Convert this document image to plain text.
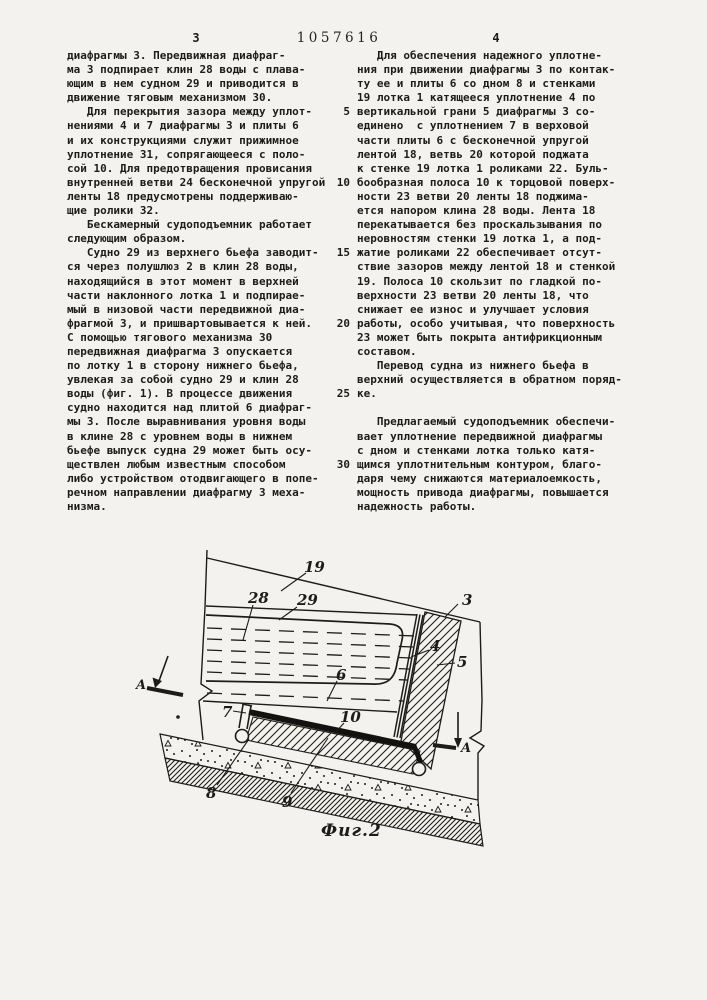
3	1057616	4
диафрагмы 3. Передвижная диафраг-
ма 3 подпирает клин 28 воды с плава-
ющим в нем судном 29 и приводится в
движение тяговым механизмом 30.
Для перекрытия зазора между уплот-
нениями 4 и 7 диафрагмы 3 и плиты 6
и их конструкциями служит прижимное
уплотнение 31, сопрягающееся с поло-
сой 10. Для предотвращения провисания
внутренней ветви 24 бесконечной упругой
ленты 18 предусмотрены поддерживаю-
щие ролики 32.
Бескамерный судоподъемник работает
следующим образом.
Судно 29 из верхнего бьефа заводит-
ся через полушлюз 2 в клин 28 воды,
находящийся в этот момент в верхней
части наклонного лотка 1 и подпирае-
мый в низовой части передвижной диа-
фрагмой 3, и пришвартовывается к ней.
С помощью тягового механизма 30
передвижная диафрагма 3 опускается
по лотку 1 в сторону нижнего бьефа,
увлекая за собой судно 29 и клин 28
воды (фиг. 1). В процессе движения
судно находится над плитой 6 диафраг-
мы 3. После выравнивания уровня воды
в клине 28 с уровнем воды в нижнем
бьефе выпуск судна 29 может быть осу-
ществлен любым известным способом
либо устройством отодвигающего в попе-
речном направлении диафрагму 3 меха-
низма.
Для обеспечения надежного уплотне-
ния при движении диафрагмы 3 по контак-
ту ее и плиты 6 со дном 8 и стенками
19 лотка 1 катящееся уплотнение 4 по
вертикальной грани 5 диафрагмы 3 со-
единено  с уплотнением 7 в верховой
части плиты 6 с бесконечной упругой
лентой 18, ветвь 20 которой поджата
к стенке 19 лотка 1 роликами 22. Буль-
бообразная полоса 10 к торцовой поверх-
ности 23 ветви 20 ленты 18 поджима-
ется напором клина 28 воды. Лента 18
перекатывается без проскальзывания по
неровностям стенки 19 лотка 1, а под-
жатие роликами 22 обеспечивает отсут-
ствие зазоров между лентой 18 и стенкой
19. Полоса 10 скользит по гладкой по-
верхности 23 ветви 20 ленты 18, что
снижает ее износ и улучшает условия
работы, особо учитывая, что поверхность
23 может быть покрыта антифрикционным
составом.
Перевод судна из нижнего бьефа в
верхний осуществляется в обратном поряд-
ке.
Предлагаемый судоподъемник обеспечи-
вает уплотнение передвижной диафрагмы
с дном и стенками лотка только катя-
щимся уплотнительным контуром, благо-
даря чему снижаются материалоемкость,
мощность привода диафрагмы, повышается
надежность работы.
5
10
15
20
25
30
A
A
19
28 29	3
4
5
6
7	10
8	9
Фиг.2
